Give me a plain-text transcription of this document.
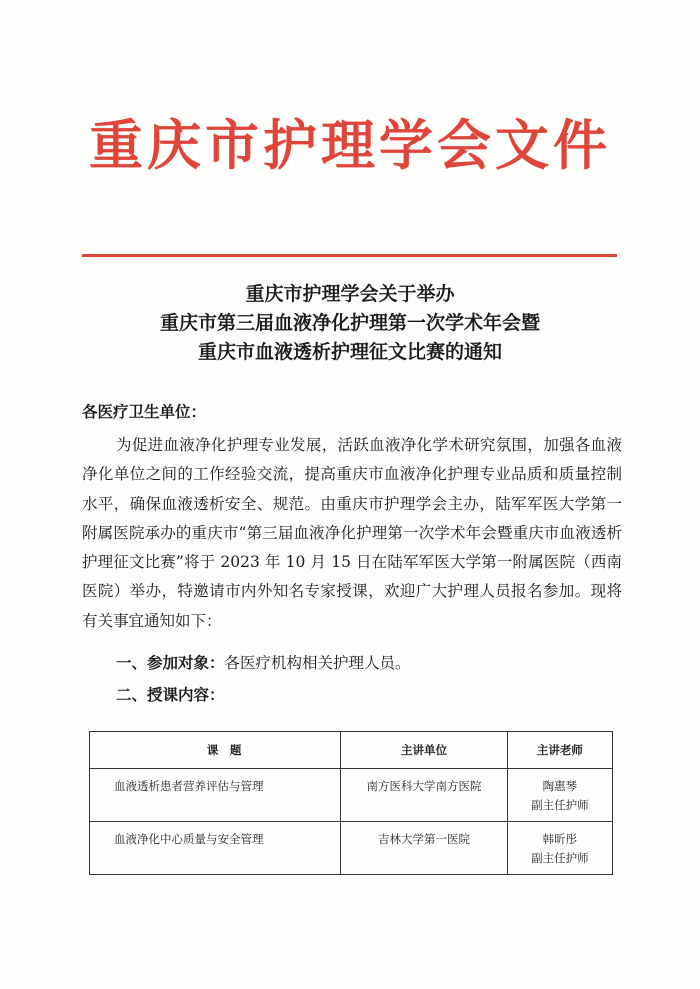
重庆市护理学会文件
重庆市护理学会关于举办
重庆市第三届血液净化护理第一次学术年会暨
重庆市血液透析护理征文比赛的通知
各医疗卫生单位：

为促进血液净化护理专业发展，活跃血液净化学术研究氛围，加强各血液净化单位之间的工作经验交流，提高重庆市血液净化护理专业品质和质量控制水平，确保血液透析安全、规范。由重庆市护理学会主办，陆军军医大学第一附属医院承办的重庆市“第三届血液净化护理第一次学术年会暨重庆市血液透析护理征文比赛”将于 2023 年 10 月 15 日在陆军军医大学第一附属医院（西南医院）举办，特邀请市内外知名专家授课，欢迎广大护理人员报名参加。现将有关事宜通知如下：

一、参加对象：各医疗机构相关护理人员。
二、授课内容：
课　题	主讲单位	主讲老师
血液透析患者营养评估与管理	南方医科大学南方医院	陶惠琴
副主任护师

血液净化中心质量与安全管理	吉林大学第一医院	韩昕彤
副主任护师
